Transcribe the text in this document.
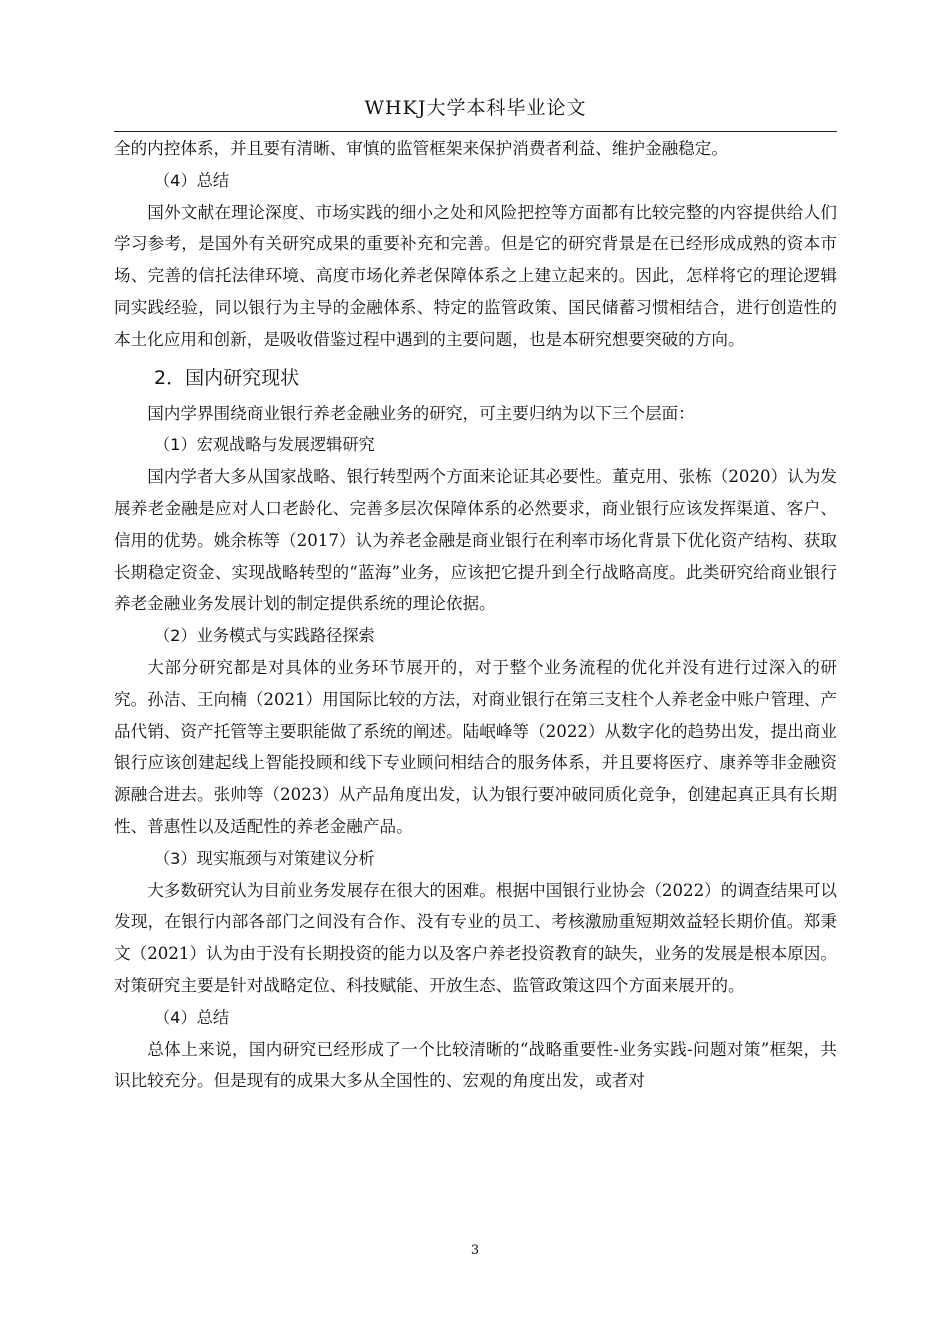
WHKJ大学本科毕业论文

全的内控体系，并且要有清晰、审慎的监管框架来保护消费者利益、维护金融稳定。

（4）总结

国外文献在理论深度、市场实践的细小之处和风险把控等方面都有比较完整的内容提供给人们学习参考，是国外有关研究成果的重要补充和完善。但是它的研究背景是在已经形成成熟的资本市场、完善的信托法律环境、高度市场化养老保障体系之上建立起来的。因此，怎样将它的理论逻辑同实践经验，同以银行为主导的金融体系、特定的监管政策、国民储蓄习惯相结合，进行创造性的本土化应用和创新，是吸收借鉴过程中遇到的主要问题，也是本研究想要突破的方向。

2．国内研究现状

国内学界围绕商业银行养老金融业务的研究，可主要归纳为以下三个层面：

（1）宏观战略与发展逻辑研究

国内学者大多从国家战略、银行转型两个方面来论证其必要性。董克用、张栋（2020）认为发展养老金融是应对人口老龄化、完善多层次保障体系的必然要求，商业银行应该发挥渠道、客户、信用的优势。姚余栋等（2017）认为养老金融是商业银行在利率市场化背景下优化资产结构、获取长期稳定资金、实现战略转型的“蓝海”业务，应该把它提升到全行战略高度。此类研究给商业银行养老金融业务发展计划的制定提供系统的理论依据。

（2）业务模式与实践路径探索

大部分研究都是对具体的业务环节展开的，对于整个业务流程的优化并没有进行过深入的研究。孙洁、王向楠（2021）用国际比较的方法，对商业银行在第三支柱个人养老金中账户管理、产品代销、资产托管等主要职能做了系统的阐述。陆岷峰等（2022）从数字化的趋势出发，提出商业银行应该创建起线上智能投顾和线下专业顾问相结合的服务体系，并且要将医疗、康养等非金融资源融合进去。张帅等（2023）从产品角度出发，认为银行要冲破同质化竞争，创建起真正具有长期性、普惠性以及适配性的养老金融产品。

（3）现实瓶颈与对策建议分析

大多数研究认为目前业务发展存在很大的困难。根据中国银行业协会（2022）的调查结果可以发现，在银行内部各部门之间没有合作、没有专业的员工、考核激励重短期效益轻长期价值。郑秉文（2021）认为由于没有长期投资的能力以及客户养老投资教育的缺失，业务的发展是根本原因。对策研究主要是针对战略定位、科技赋能、开放生态、监管政策这四个方面来展开的。

（4）总结

总体上来说，国内研究已经形成了一个比较清晰的“战略重要性-业务实践-问题对策”框架，共识比较充分。但是现有的成果大多从全国性的、宏观的角度出发，或者对

3
